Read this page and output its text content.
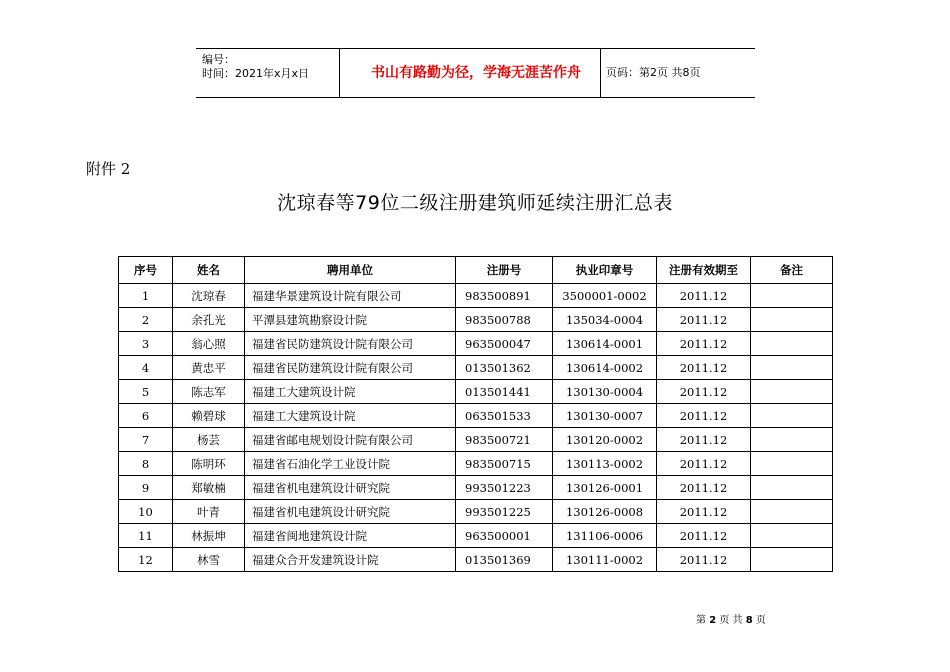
编号：
时间：2021年x月x日	书山有路勤为径，学海无涯苦作舟	页码：第2页 共8页
附件 2
沈琼春等79位二级注册建筑师延续注册汇总表
序号	姓名	聘用单位	注册号	执业印章号	注册有效期至	备注
1	沈琼春	福建华景建筑设计院有限公司	983500891	3500001-0002	2011.12	
2	余孔光	平潭县建筑勘察设计院	983500788	135034-0004	2011.12	
3	翁心照	福建省民防建筑设计院有限公司	963500047	130614-0001	2011.12	
4	黄忠平	福建省民防建筑设计院有限公司	013501362	130614-0002	2011.12	
5	陈志军	福建工大建筑设计院	013501441	130130-0004	2011.12	
6	赖碧球	福建工大建筑设计院	063501533	130130-0007	2011.12	
7	杨芸	福建省邮电规划设计院有限公司	983500721	130120-0002	2011.12	
8	陈明环	福建省石油化学工业设计院	983500715	130113-0002	2011.12	
9	郑敏楠	福建省机电建筑设计研究院	993501223	130126-0001	2011.12	
10	叶青	福建省机电建筑设计研究院	993501225	130126-0008	2011.12	
11	林振坤	福建省闽地建筑设计院	963500001	131106-0006	2011.12	
12	林雪	福建众合开发建筑设计院	013501369	130111-0002	2011.12	
第 2 页 共 8 页
